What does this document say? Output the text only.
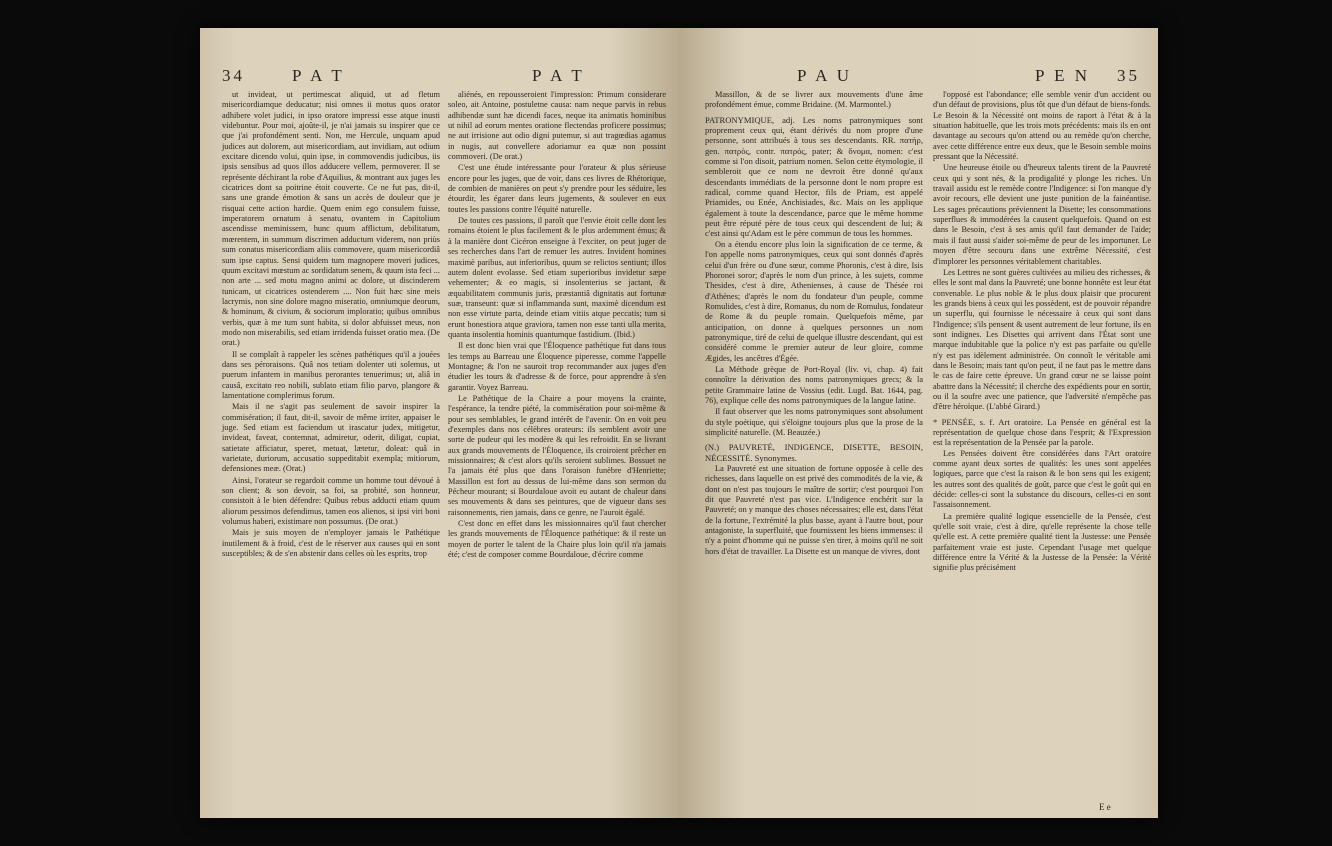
34	P A T	P A T

ut invideat, ut pertimescat aliquid, ut ad fletum misericordiamque deducatur; nisi omnes ii motus quos orator adhibere volet judici, in ipso oratore impressi esse atque inusti videbuntur. Pour moi, ajoûte-il, je n'ai jamais su inspirer que ce que j'ai profondément senti. Non, me Hercule, unquam apud judices aut dolorem, aut misericordiam, aut invidiam, aut odium excitare dicendo volui, quin ipse, in commovendis judicibus, iis ipsis sensibus ad quos illos adducere vellem, permoverer. Il se représente déchirant la robe d'Aquilius, & montrant aux juges les cicatrices dont sa poitrine étoit couverte. Ce ne fut pas, dit-il, sans une grande émotion & sans un accès de douleur que je risquai cette action hardie. Quem enim ego consulem fuisse, imperatorem ornatum à senatu, ovantem in Capitolium ascendisse meminissem, hunc quum afflictum, debilitatum, mœrentem, in summum discrimen adductum viderem, non priùs sum conatus misericordiam aliis commovere, quam misericordiâ sum ipse captus. Sensi quidem tum magnopere moveri judices, quum excitavi mœstum ac sordidatum senem, & quum ista feci ... non arte ... sed motu magno animi ac dolore, ut discinderem tunicam, ut cicatrices ostenderem .... Non fuit hæc sine meis lacrymis, non sine dolore magno miseratio, omniumque deorum, & hominum, & civium, & sociorum imploratio; quibus omnibus verbis, quæ à me tum sunt habita, si dolor abfuisset meus, non modo non miserabilis, sed etiam irridenda fuisset oratio mea. (De orat.)

Il se complaît à rappeler les scènes pathétiques qu'il a jouées dans ses péroraisons. Quâ nos tetiam dolenter uti solemus, ut puerum infantem in manibus perorantes tenuerimus; ut, aliâ in causâ, excitato reo nobili, sublato etiam filio parvo, plangore & lamentatione complerimus forum.

Mais il ne s'agit pas seulement de savoir inspirer la commisération; il faut, dit-il, savoir de même irriter, appaiser le juge. Sed etiam est faciendum ut irascatur judex, mitigetur, invideat, faveat, contemnat, admiretur, oderit, diligat, cupiat, satietate afficiatur, speret, metuat, lætetur, doleat: quâ in varietate, duriorum, accusatio suppeditabit exempla; mitiorum, defensiones meæ. (Orat.)

Ainsi, l'orateur se regardoit comme un homme tout dévoué à son client; & son devoir, sa foi, sa probité, son honneur, consistoit à le bien défendre: Quibus rebus adducti etiam quum aliorum pessimos defendimus, tamen eos alienos, si ipsi viri boni volumus haberi, existimare non possumus. (De orat.)

Mais je suis moyen de n'employer jamais le Pathétique inutilement & à froid, c'est de le réserver aux causes qui en sont susceptibles; & de s'en abstenir dans celles où les esprits, trop

aliénés, en repousseroient l'impression: Primum considerare soleo, ait Antoine, postuletne causa: nam neque parvis in rebus adhibendæ sunt hæ dicendi faces, neque ita animatis hominibus ut nihil ad eorum mentes oratione flectendas proficere possimus; ne aut irrisione aut odio digni putemur, si aut tragœdias agamus in nugis, aut convellere adoriamur ea quæ non possint commoveri. (De orat.)

C'est une étude intéressante pour l'orateur & plus sérieuse encore pour les juges, que de voir, dans ces livres de Rhétorique, de combien de manières on peut s'y prendre pour les séduire, les étourdir, les égarer dans leurs jugements, & soulever en eux toutes les passions contre l'équité naturelle.

De toutes ces passions, il paroît que l'envie étoit celle dont les romains étoient le plus facilement & le plus ardemment émus; & à la manière dont Cicéron enseigne à l'exciter, on peut juger de ses recherches dans l'art de remuer les autres. Invident homines maximè paribus, aut inferioribus, quum se relictos sentiunt; illos autem dolent evolasse. Sed etiam superioribus invidetur sæpe vehementer; & eo magis, si insolenterius se jactant, & æquabilitatem communis juris, præstantiâ dignitatis aut fortunæ suæ, transeunt: quæ si inflammanda sunt, maximè dicendum est non esse virtute parta, deinde etiam vitiis atque peccatis; tum si erunt honestiora atque graviora, tamen non esse tanti ulla merita, quanta insolentia hominis quantumque fastidium. (Ibid.)

Il est donc bien vrai que l'Éloquence pathétique fut dans tous les temps au Barreau une Éloquence piperesse, comme l'appelle Montagne; & l'on ne sauroit trop recommander aux juges d'en étudier les tours & d'adresse & de force, pour apprendre à s'en garantir. Voyez Barreau.

Le Pathétique de la Chaire a pour moyens la crainte, l'espérance, la tendre piété, la commisération pour soi-même & pour ses semblables, le grand intérêt de l'avenir. On en voit peu d'exemples dans nos célèbres orateurs: ils semblent avoir une sorte de pudeur qui les modère & qui les refroidit. En se livrant aux grands mouvements de l'Éloquence, ils croiroient prêcher en missionnaires; & c'est alors qu'ils seroient sublimes. Bossuet ne l'a jamais été plus que dans l'oraison funèbre d'Henriette; Massillon est fort au dessus de lui-même dans son sermon du Pécheur mourant; si Bourdaloue avoit eu autant de chaleur dans ses mouvements & dans ses peintures, que de vigueur dans ses raisonnements, rien jamais, dans ce genre, ne l'auroit égalé.

C'est donc en effet dans les missionnaires qu'il faut chercher les grands mouvements de l'Éloquence pathétique: & il reste un moyen de porter le talent de la Chaire plus loin qu'il n'a jamais été; c'est de composer comme Bourdaloue, d'écrire comme

P A U	P E N 35

Massillon, & de se livrer aux mouvements d'une âme profondément émue, comme Bridaine. (M. Marmontel.)

PATRONYMIQUE, adj. Les noms patronymiques sont proprement ceux qui, étant dérivés du nom propre d'une personne, sont attribués à tous ses descendants. RR. πατὴρ, gen. πατρὸς, contr. πατρός, pater; & ὄνομα, nomen: c'est comme si l'on disoit, patrium nomen. Selon cette étymologie, il sembleroit que ce nom ne devroit être donné qu'aux descendants immédiats de la personne dont le nom propre est radical, comme quand Hector, fils de Priam, est appelé Priamides, ou Enée, Anchisiades, &c. Mais on les applique également à toute la descendance, parce que le même homme peut être réputé père de tous ceux qui descendent de lui; & c'est ainsi qu'Adam est le père commun de tous les hommes.

On a étendu encore plus loin la signification de ce terme, & l'on appelle noms patronymiques, ceux qui sont donnés d'après celui d'un frère ou d'une sœur, comme Phoronis, c'est à dire, Isis Phoronei soror; d'après le nom d'un prince, à les sujets, comme Thesides, c'est à dire, Athenienses, à cause de Thésée roi d'Athènes; d'après le nom du fondateur d'un peuple, comme Romulides, c'est à dire, Romanus, du nom de Romulus, fondateur de Rome & du peuple romain. Quelquefois même, par anticipation, on donne à quelques personnes un nom patronymique, tiré de celui de quelque illustre descendant, qui est considéré comme le premier auteur de leur gloire, comme Ægides, les ancêtres d'Égée.

La Méthode grèque de Port-Royal (liv. vi, chap. 4) fait connoître la dérivation des noms patronymiques grecs; & la petite Grammaire latine de Vossius (edit. Lugd. Bat. 1644, pag. 76), explique celle des noms patronymiques de la langue latine.

Il faut observer que les noms patronymiques sont absolument du style poétique, qui s'éloigne toujours plus que la prose de la simplicité naturelle. (M. Beauzée.)

(N.) PAUVRETÉ, INDIGENCE, DISETTE, BESOIN, NÉCESSITÉ. Synonymes.

La Pauvreté est une situation de fortune opposée à celle des richesses, dans laquelle on est privé des commodités de la vie, & dont on n'est pas toujours le maître de sortir; c'est pourquoi l'on dit que Pauvreté n'est pas vice. L'Indigence enchérit sur la Pauvreté; on y manque des choses nécessaires; elle est, dans l'état de la fortune, l'extrémité la plus basse, ayant à l'autre bout, pour antagoniste, la superfluité, que fournissent les biens immenses: il n'y a point d'homme qui ne puisse s'en tirer, à moins qu'il ne soit hors d'état de travailler. La Disette est un manque de vivres, dont

l'opposé est l'abondance; elle semble venir d'un accident ou d'un défaut de provisions, plus tôt que d'un défaut de biens-fonds. Le Besoin & la Nécessité ont moins de raport à l'état & à la situation habituelle, que les trois mots précédents: mais ils en ont davantage au secours qu'on attend ou au remède qu'on cherche, avec cette différence entre eux deux, que le Besoin semble moins pressant que la Nécessité.

Une heureuse étoile ou d'heureux talents tirent de la Pauvreté ceux qui y sont nés, & la prodigalité y plonge les riches. Un travail assidu est le remède contre l'Indigence: si l'on manque d'y avoir recours, elle devient une juste punition de la fainéantise. Les sages précautions préviennent la Disette; les consommations superflues & immodérées la causent quelquefois. Quand on est dans le Besoin, c'est à ses amis qu'il faut demander de l'aide; mais il faut aussi s'aider soi-même de peur de les importuner. Le moyen d'être secouru dans une extrême Nécessité, c'est d'implorer les personnes véritablement charitables.

Les Lettres ne sont guères cultivées au milieu des richesses, & elles le sont mal dans la Pauvreté; une bonne honnête est leur état convenable. Le plus noble & le plus doux plaisir que procurent les grands biens à ceux qui les possèdent, est de pouvoir répandre un superflu, qui fournisse le nécessaire à ceux qui sont dans l'Indigence; s'ils pensent & usent autrement de leur fortune, ils en sont indignes. Les Disettes qui arrivent dans l'État sont une marque indubitable que la police n'y est pas parfaite ou qu'elle n'y est pas idèlement administrée. On connoît le véritable ami dans le Besoin; mais tant qu'on peut, il ne faut pas le mettre dans le cas de faire cette épreuve. Un grand cœur ne se laisse point abattre dans la Nécessité; il cherche des expédients pour en sortir, ou il la soufre avec une patience, que l'adversité n'empêche pas d'être héroïque. (L'abbé Girard.)

* PENSÉE, s. f. Art oratoire. La Pensée en général est la représentation de quelque chose dans l'esprit; & l'Expression est la représentation de la Pensée par la parole.

Les Pensées doivent être considérées dans l'Art oratoire comme ayant deux sortes de qualités: les unes sont appelées logiques, parce que c'est la raison & le bon sens qui les exigent; les autres sont des qualités de goût, parce que c'est le goût qui en décide: celles-ci sont la substance du discours, celles-ci en sont l'assaisonnement.

La première qualité logique essencielle de la Pensée, c'est qu'elle soit vraie, c'est à dire, qu'elle représente la chose telle qu'elle est. A cette première qualité tient la Justesse: une Pensée parfaitement vraie est juste. Cependant l'usage met quelque différence entre la Vérité & la Justesse de la Pensée: la Vérité signifie plus précisément

E e
